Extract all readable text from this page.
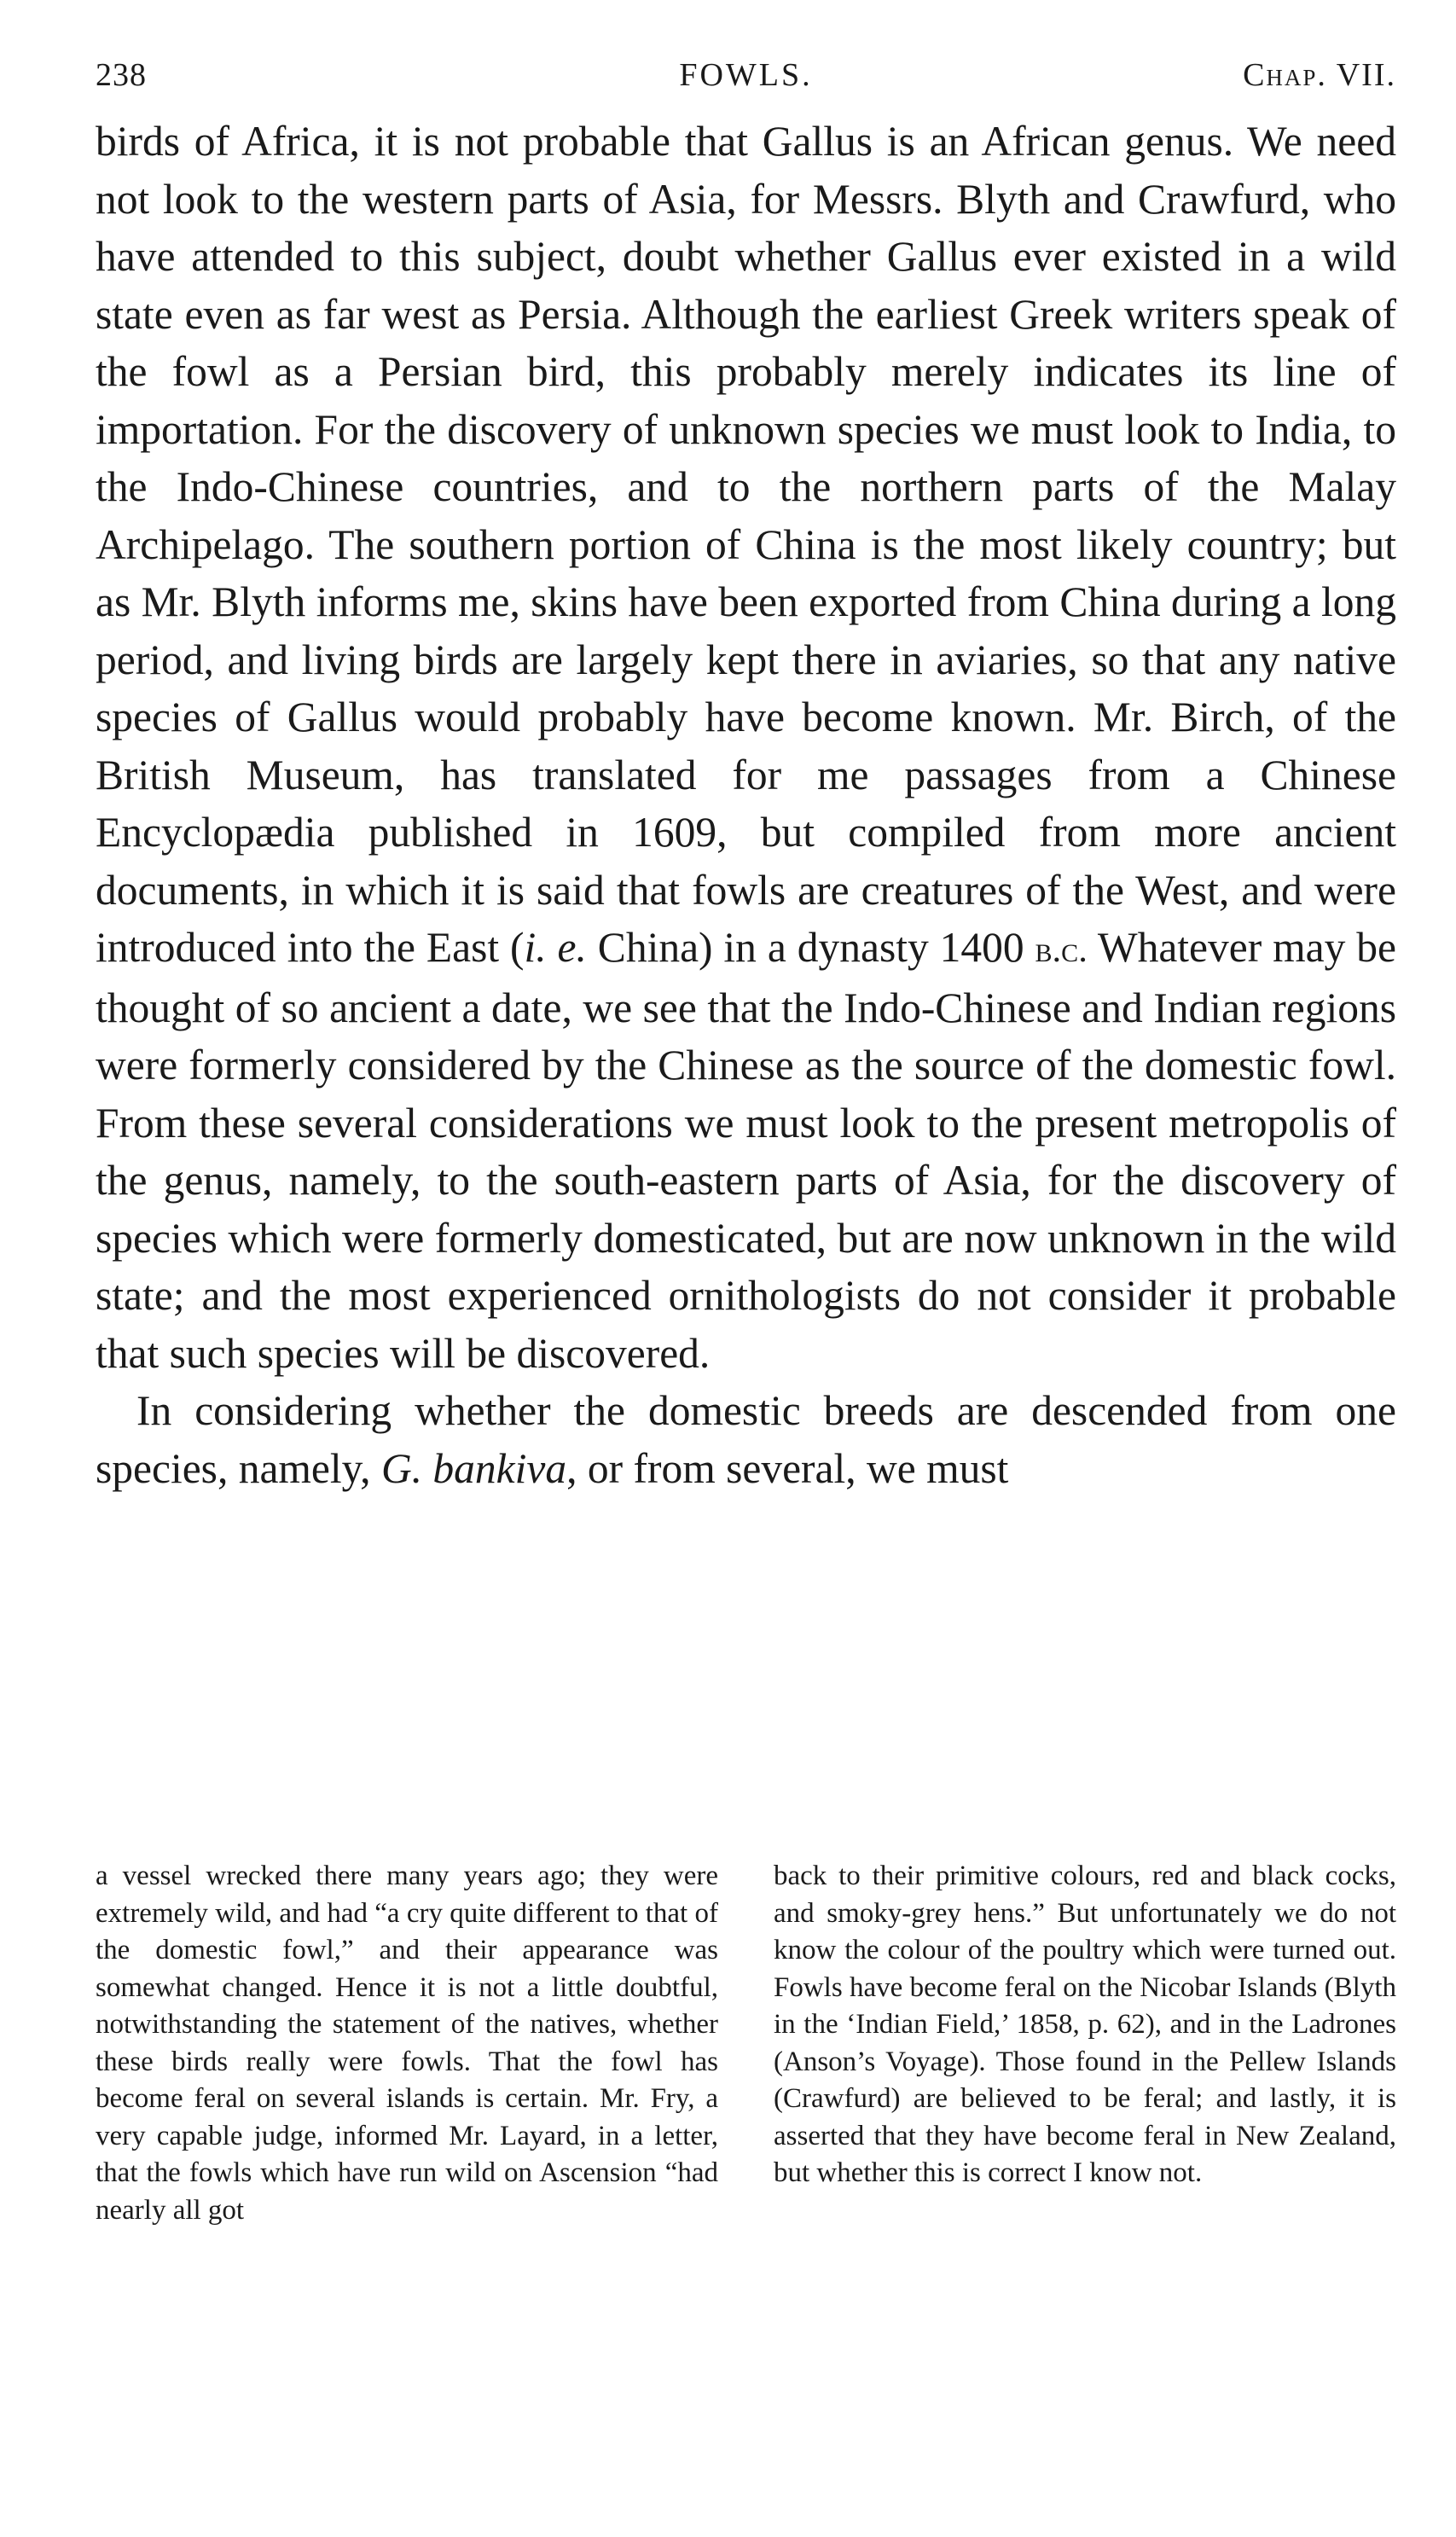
238	FOWLS.	Chap. VII.

birds of Africa, it is not probable that Gallus is an African genus. We need not look to the western parts of Asia, for Messrs. Blyth and Crawfurd, who have attended to this subject, doubt whether Gallus ever existed in a wild state even as far west as Persia. Although the earliest Greek writers speak of the fowl as a Persian bird, this probably merely indicates its line of importation. For the discovery of unknown species we must look to India, to the Indo-Chinese countries, and to the northern parts of the Malay Archipelago. The southern portion of China is the most likely country; but as Mr. Blyth informs me, skins have been exported from China during a long period, and living birds are largely kept there in aviaries, so that any native species of Gallus would probably have become known. Mr. Birch, of the British Museum, has translated for me passages from a Chinese Encyclopædia published in 1609, but compiled from more ancient documents, in which it is said that fowls are creatures of the West, and were introduced into the East (i. e. China) in a dynasty 1400 b.c. Whatever may be thought of so ancient a date, we see that the Indo-Chinese and Indian regions were formerly considered by the Chinese as the source of the domestic fowl. From these several considerations we must look to the present metropolis of the genus, namely, to the south-eastern parts of Asia, for the discovery of species which were formerly domesticated, but are now unknown in the wild state; and the most experienced ornithologists do not consider it probable that such species will be discovered.

In considering whether the domestic breeds are descended from one species, namely, G. bankiva, or from several, we must

a vessel wrecked there many years ago; they were extremely wild, and had “a cry quite different to that of the domestic fowl,” and their appearance was somewhat changed. Hence it is not a little doubtful, notwithstanding the statement of the natives, whether these birds really were fowls. That the fowl has become feral on several islands is certain. Mr. Fry, a very capable judge, informed Mr. Layard, in a letter, that the fowls which have run wild on Ascension “had nearly all got

back to their primitive colours, red and black cocks, and smoky-grey hens.” But unfortunately we do not know the colour of the poultry which were turned out. Fowls have become feral on the Nicobar Islands (Blyth in the ‘Indian Field,’ 1858, p. 62), and in the Ladrones (Anson’s Voyage). Those found in the Pellew Islands (Crawfurd) are believed to be feral; and lastly, it is asserted that they have become feral in New Zealand, but whether this is correct I know not.
